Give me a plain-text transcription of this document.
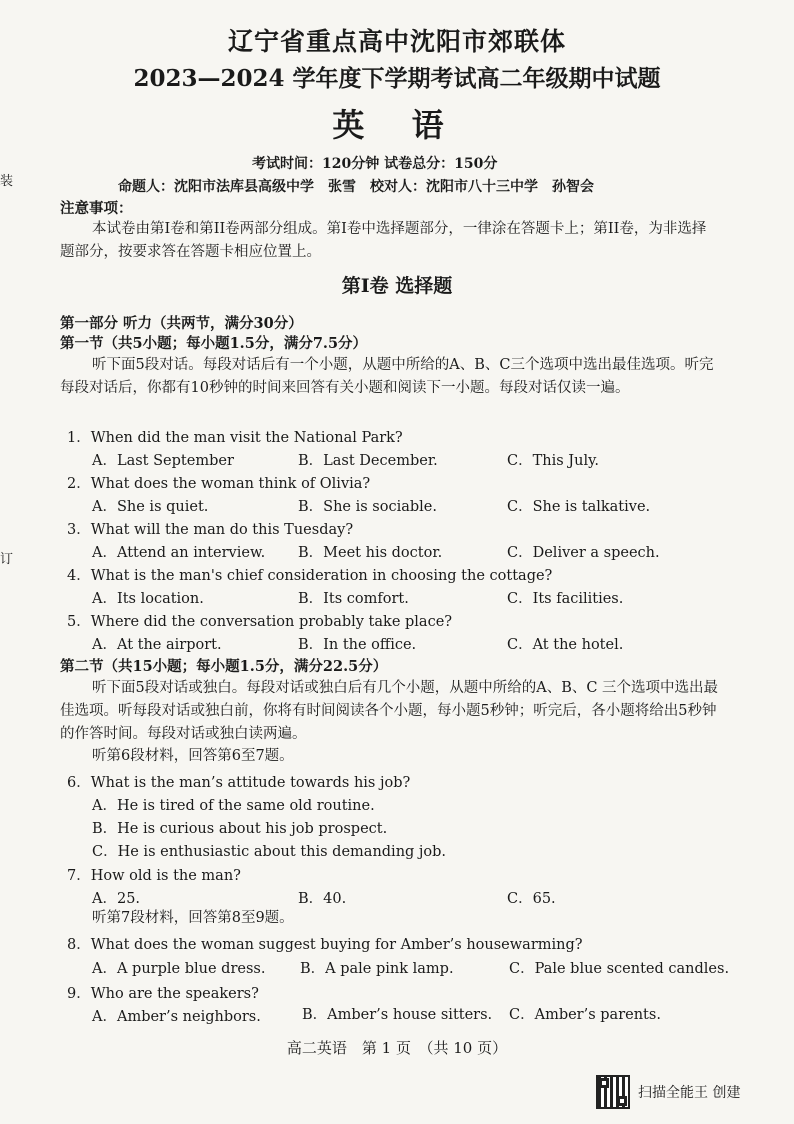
装
订
辽宁省重点高中沈阳市郊联体
2023—2024 学年度下学期考试高二年级期中试题
英 语
考试时间：120分钟 试卷总分：150分
命题人：沈阳市法库县高级中学　张雪　校对人：沈阳市八十三中学　孙智会
注意事项：
本试卷由第I卷和第II卷两部分组成。第I卷中选择题部分，一律涂在答题卡上；第II卷，为非选择题部分，按要求答在答题卡相应位置上。
第I卷 选择题
第一部分 听力（共两节，满分30分）
第一节（共5小题；每小题1.5分，满分7.5分）
听下面5段对话。每段对话后有一个小题，从题中所给的A、B、C三个选项中选出最佳选项。听完每段对话后，你都有10秒钟的时间来回答有关小题和阅读下一小题。每段对话仅读一遍。
1．When did the man visit the National Park?
A．Last September	B．Last December.	C．This July.
2．What does the woman think of Olivia?
A．She is quiet.	B．She is sociable.	C．She is talkative.
3．What will the man do this Tuesday?
A．Attend an interview. B．Meet his doctor.	C．Deliver a speech.
4．What is the man's chief consideration in choosing the cottage?
A．Its location.	B．Its comfort.	C．Its facilities.
5．Where did the conversation probably take place?
A．At the airport.	B．In the office.	C．At the hotel.
第二节（共15小题；每小题1.5分，满分22.5分）
听下面5段对话或独白。每段对话或独白后有几个小题，从题中所给的A、B、C 三个选项中选出最佳选项。听每段对话或独白前，你将有时间阅读各个小题，每小题5秒钟；听完后，各小题将给出5秒钟的作答时间。每段对话或独白读两遍。
听第6段材料，回答第6至7题。
6．What is the man’s attitude towards his job?
A．He is tired of the same old routine.
B．He is curious about his job prospect.
C．He is enthusiastic about this demanding job.
7．How old is the man?
A．25.	B．40.	C．65.
听第7段材料，回答第8至9题。
8．What does the woman suggest buying for Amber’s housewarming?
A．A purple blue dress. B．A pale pink lamp.	C．Pale blue scented candles.
9．Who are the speakers?
A．Amber’s neighbors.	B．Amber’s house sitters. C．Amber’s parents.
高二英语　第 1 页　（共 10 页）
扫描全能王 创建
